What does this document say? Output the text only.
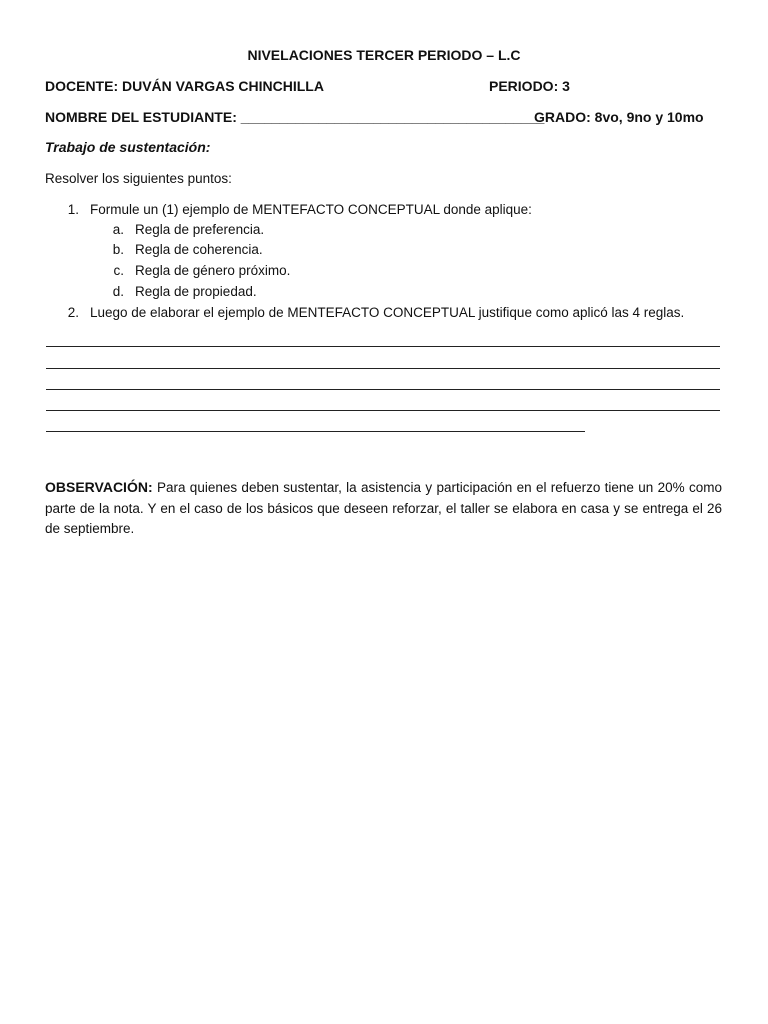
NIVELACIONES TERCER PERIODO – L.C
DOCENTE: DUVÁN VARGAS CHINCHILLA	PERIODO: 3
NOMBRE DEL ESTUDIANTE: _______________________________________
GRADO: 8vo, 9no y 10mo
Trabajo de sustentación:
Resolver los siguientes puntos:
1. Formule un (1) ejemplo de MENTEFACTO CONCEPTUAL donde aplique:
a. Regla de preferencia.
b. Regla de coherencia.
c. Regla de género próximo.
d. Regla de propiedad.
2. Luego de elaborar el ejemplo de MENTEFACTO CONCEPTUAL justifique como aplicó las 4 reglas.
OBSERVACIÓN: Para quienes deben sustentar, la asistencia y participación en el refuerzo tiene un 20% como parte de la nota. Y en el caso de los básicos que deseen reforzar, el taller se elabora en casa y se entrega el 26 de septiembre.
